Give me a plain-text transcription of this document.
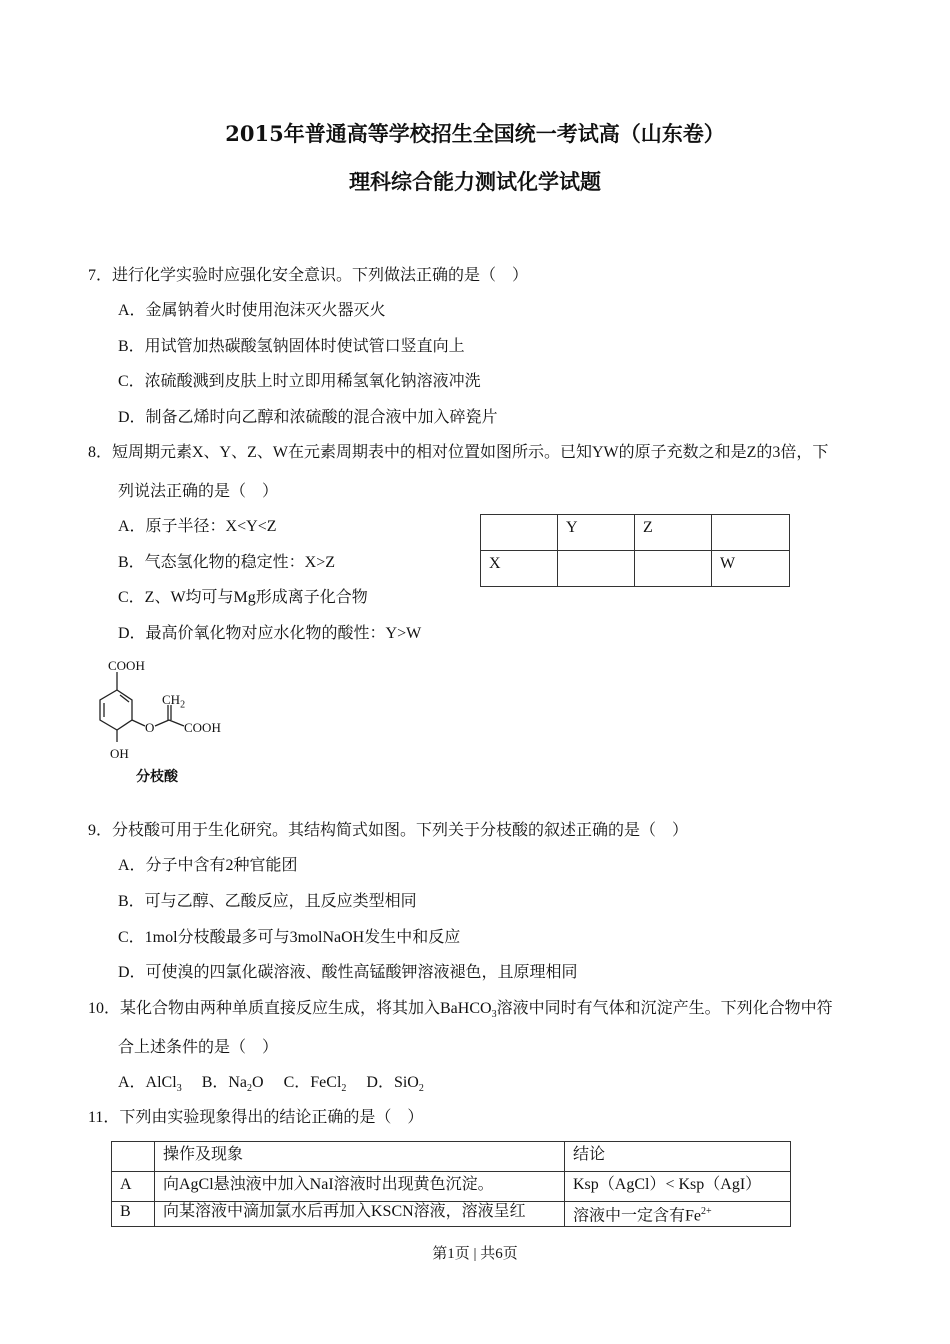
2015年普通高等学校招生全国统一考试高（山东卷）
理科综合能力测试化学试题
7．进行化学实验时应强化安全意识。下列做法正确的是（　）
A．金属钠着火时使用泡沫灭火器灭火
B．用试管加热碳酸氢钠固体时使试管口竖直向上
C．浓硫酸溅到皮肤上时立即用稀氢氧化钠溶液冲洗
D．制备乙烯时向乙醇和浓硫酸的混合液中加入碎瓷片
8．短周期元素X、Y、Z、W在元素周期表中的相对位置如图所示。已知YW的原子充数之和是Z的3倍，下
列说法正确的是（　）
A．原子半径：X<Y<Z
B．气态氢化物的稳定性：X>Z
C．Z、W均可与Mg形成离子化合物
D．最高价氧化物对应水化物的酸性：Y>W
	Y	Z	
X			W
COOH
$CH_2$
O COOH
OH
分枝酸
9．分枝酸可用于生化研究。其结构简式如图。下列关于分枝酸的叙述正确的是（　）
A．分子中含有2种官能团
B．可与乙醇、乙酸反应，且反应类型相同
C．1mol分枝酸最多可与3molNaOH发生中和反应
D．可使溴的四氯化碳溶液、酸性高锰酸钾溶液褪色，且原理相同
10．某化合物由两种单质直接反应生成，将其加入BaHCO$_3$溶液中同时有气体和沉淀产生。下列化合物中符
合上述条件的是（　）
A．AlCl$_3$  B．$Na_2O$  C．FeCl$_2$  D．SiO$_2$
11．下列由实验现象得出的结论正确的是（　）
	操作及现象	结论
A	向AgCl悬浊液中加入NaI溶液时出现黄色沉淀。	Ksp（AgCl）< Ksp（AgI）
B	向某溶液中滴加氯水后再加入KSCN溶液，溶液呈红	溶液中一定含有$Fe^{2+}$
第1页 | 共6页
